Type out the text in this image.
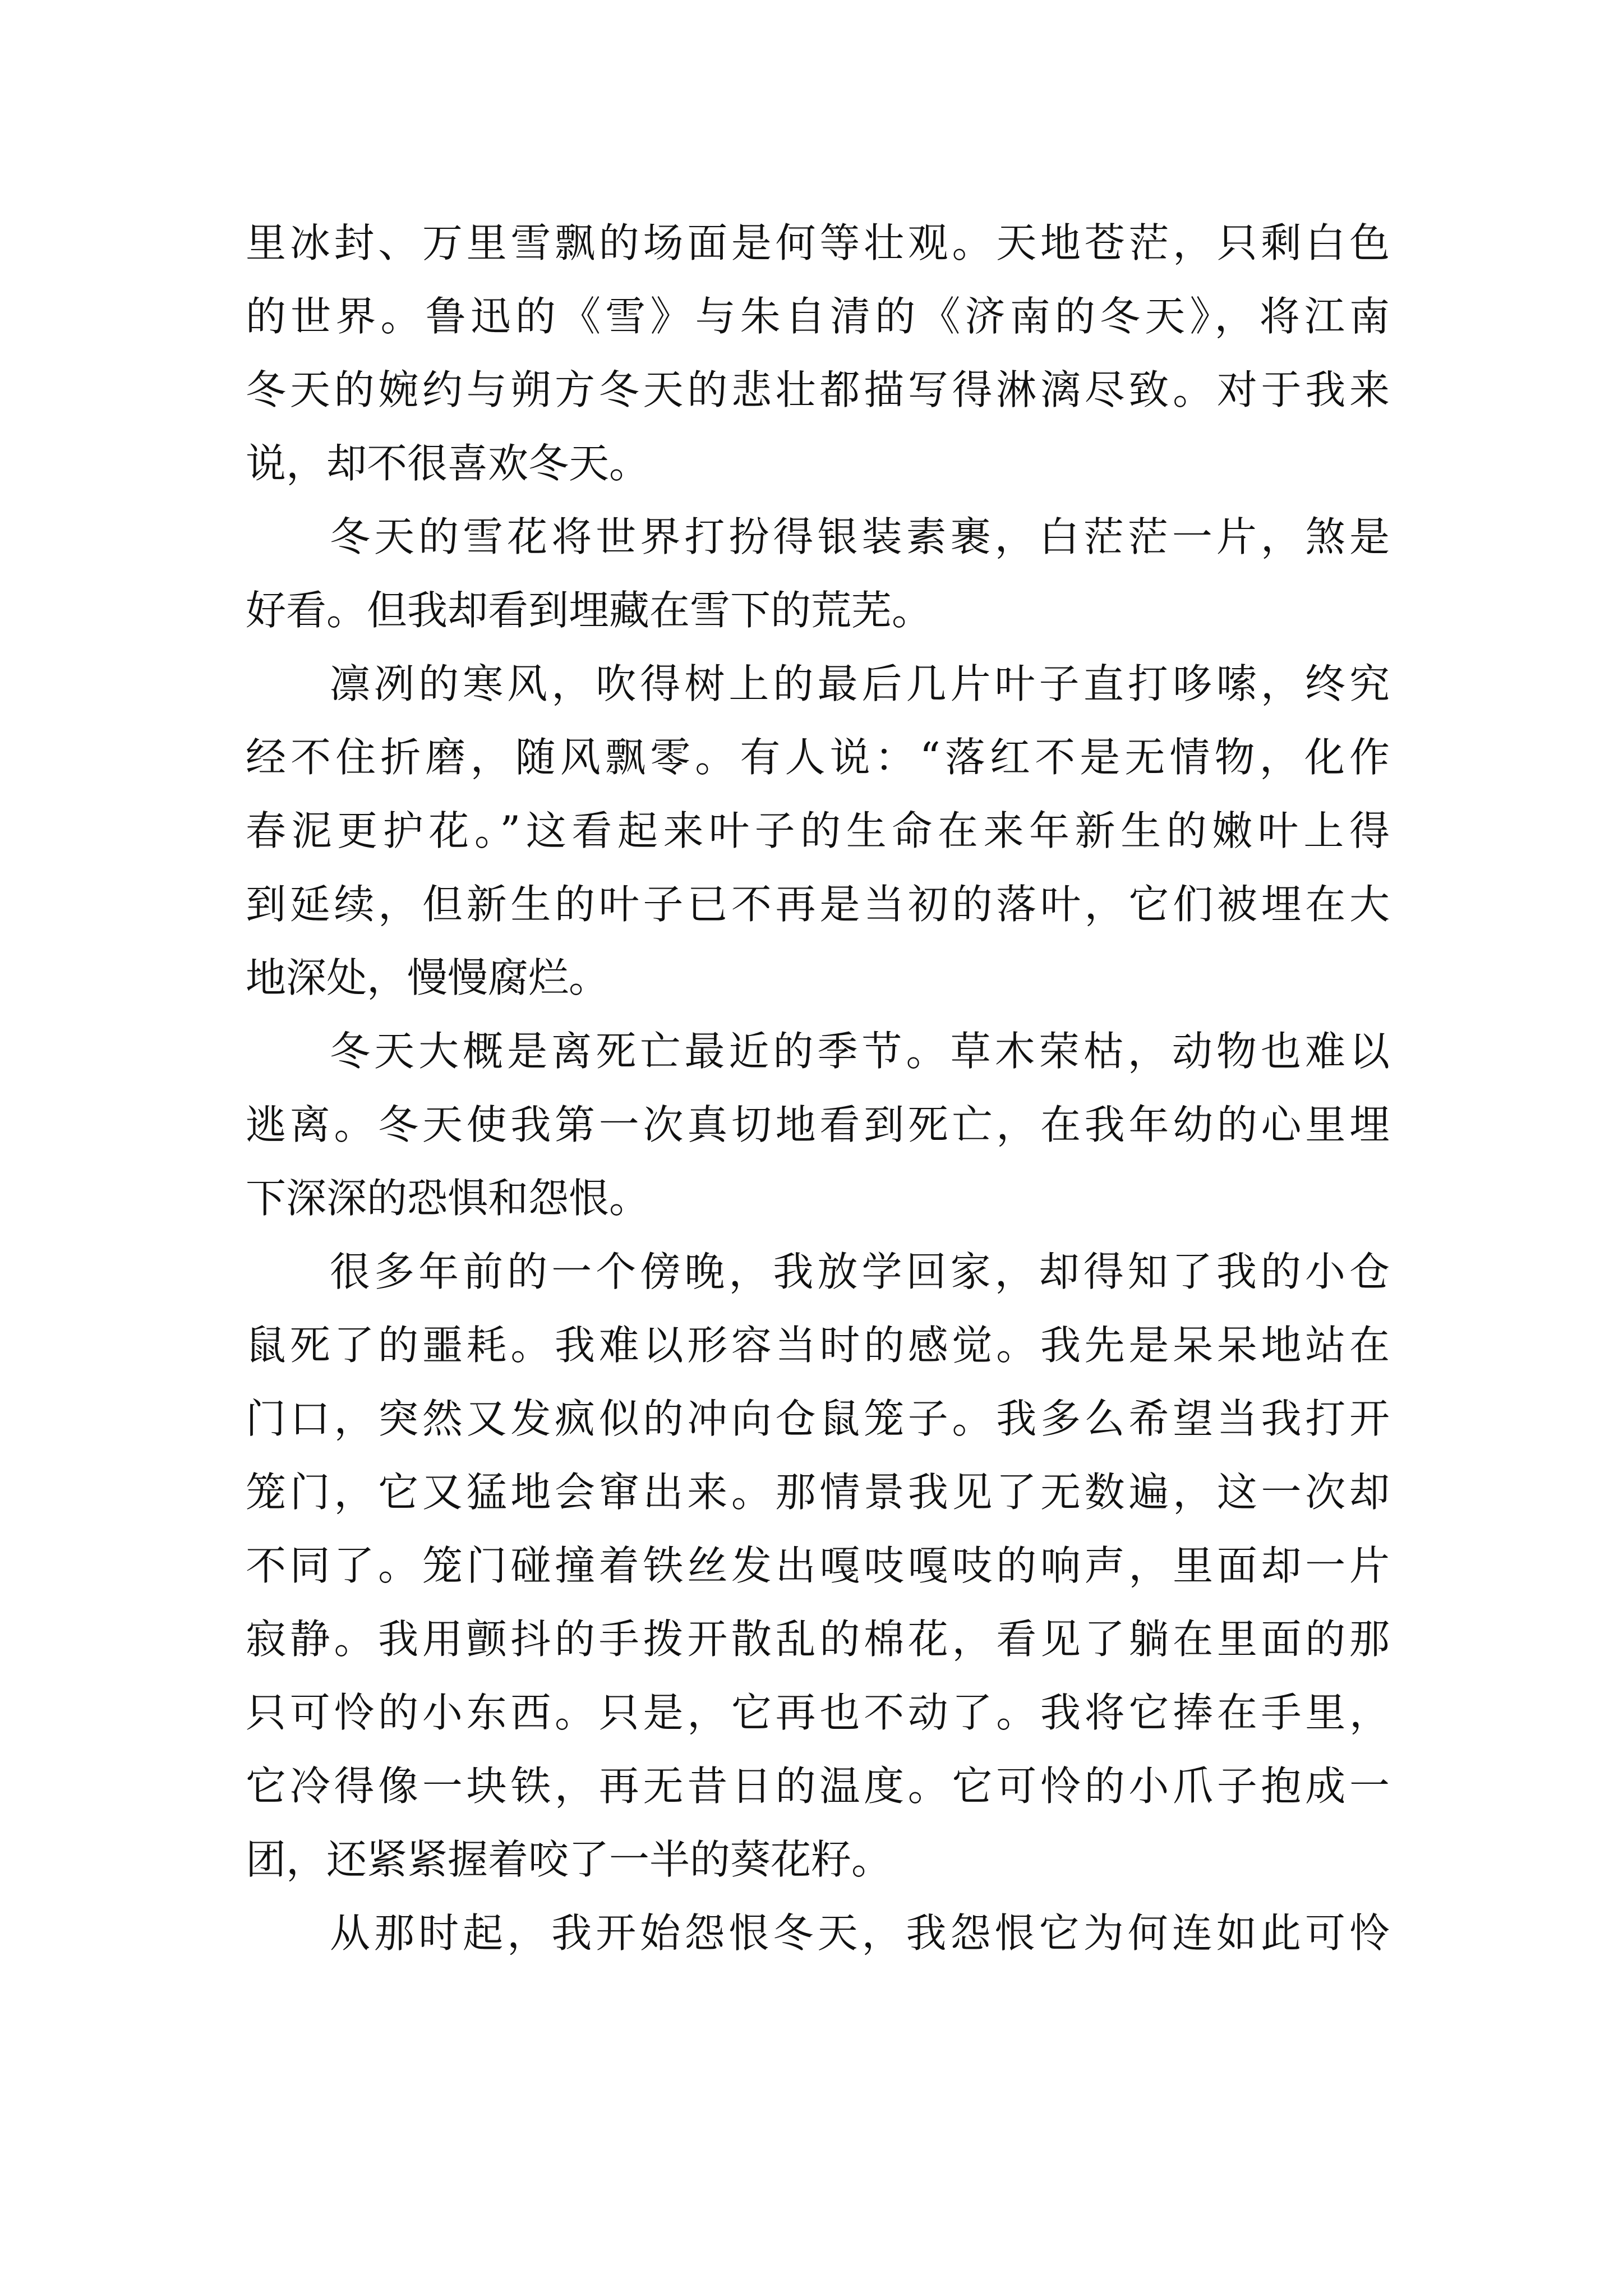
里冰封、万里雪飘的场面是何等壮观。天地苍茫，只剩白色
的世界。鲁迅的《雪》与朱自清的《济南的冬天》，将江南
冬天的婉约与朔方冬天的悲壮都描写得淋漓尽致。对于我来
说，却不很喜欢冬天。
冬天的雪花将世界打扮得银装素裹，白茫茫一片，煞是
好看。但我却看到埋藏在雪下的荒芜。
凛冽的寒风，吹得树上的最后几片叶子直打哆嗦，终究
经不住折磨，随风飘零。有人说：“落红不是无情物，化作
春泥更护花。”这看起来叶子的生命在来年新生的嫩叶上得
到延续，但新生的叶子已不再是当初的落叶，它们被埋在大
地深处，慢慢腐烂。
冬天大概是离死亡最近的季节。草木荣枯，动物也难以
逃离。冬天使我第一次真切地看到死亡，在我年幼的心里埋
下深深的恐惧和怨恨。
很多年前的一个傍晚，我放学回家，却得知了我的小仓
鼠死了的噩耗。我难以形容当时的感觉。我先是呆呆地站在
门口，突然又发疯似的冲向仓鼠笼子。我多么希望当我打开
笼门，它又猛地会窜出来。那情景我见了无数遍，这一次却
不同了。笼门碰撞着铁丝发出嘎吱嘎吱的响声，里面却一片
寂静。我用颤抖的手拨开散乱的棉花，看见了躺在里面的那
只可怜的小东西。只是，它再也不动了。我将它捧在手里，
它冷得像一块铁，再无昔日的温度。它可怜的小爪子抱成一
团，还紧紧握着咬了一半的葵花籽。
从那时起，我开始怨恨冬天，我怨恨它为何连如此可怜
